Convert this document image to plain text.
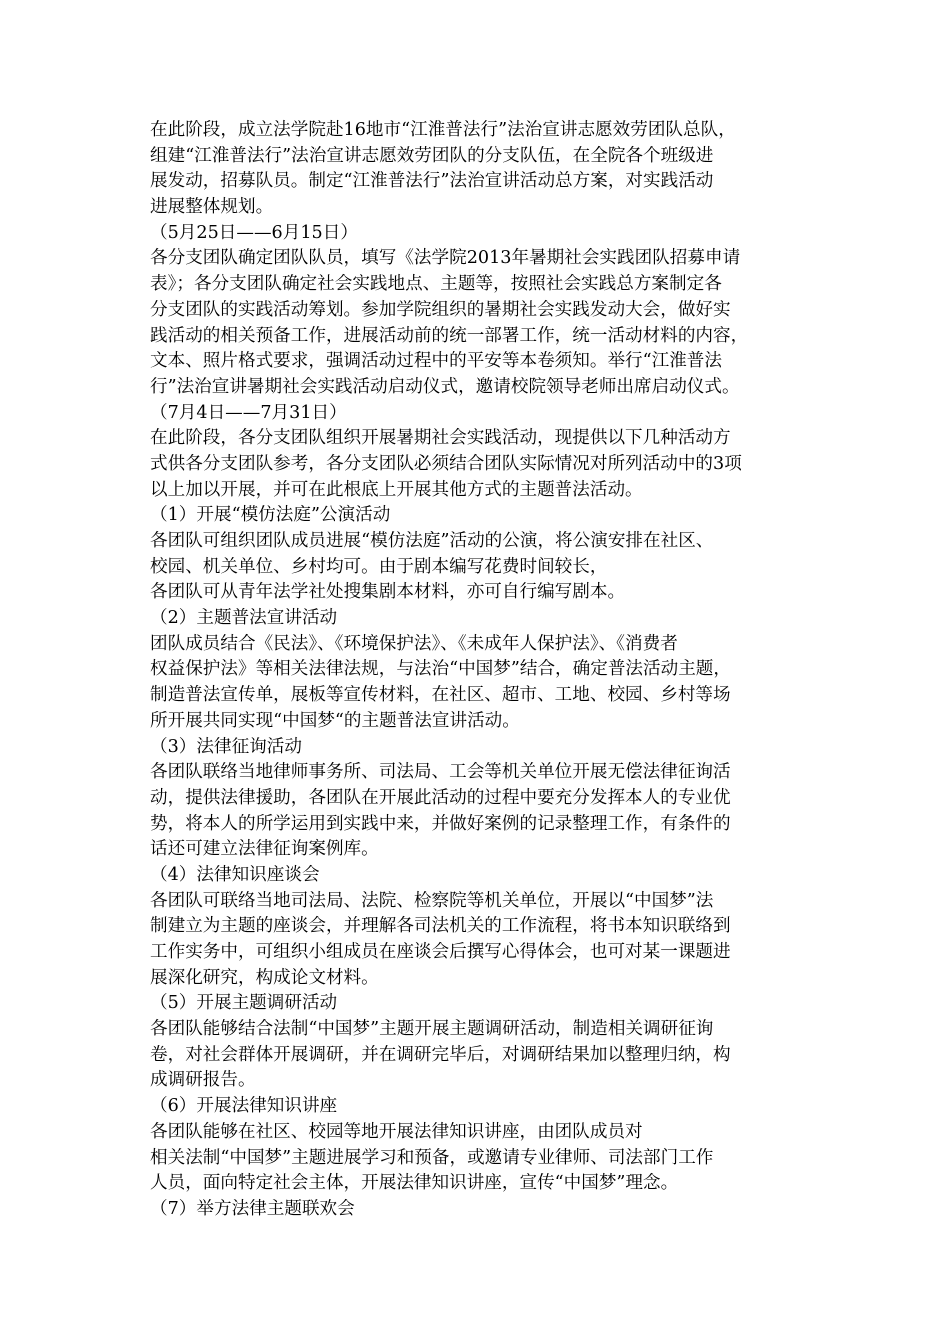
在此阶段，成立法学院赴16地市“江淮普法行”法治宣讲志愿效劳团队总队，
组建“江淮普法行”法治宣讲志愿效劳团队的分支队伍，在全院各个班级进
展发动，招募队员。制定“江淮普法行”法治宣讲活动总方案，对实践活动
进展整体规划。
（5月25日——6月15日）
各分支团队确定团队队员，填写《法学院2013年暑期社会实践团队招募申请
表》；各分支团队确定社会实践地点、主题等，按照社会实践总方案制定各
分支团队的实践活动筹划。参加学院组织的暑期社会实践发动大会，做好实
践活动的相关预备工作，进展活动前的统一部署工作，统一活动材料的内容，
文本、照片格式要求，强调活动过程中的平安等本卷须知。举行“江淮普法
行”法治宣讲暑期社会实践活动启动仪式，邀请校院领导老师出席启动仪式。
（7月4日——7月31日）
在此阶段，各分支团队组织开展暑期社会实践活动，现提供以下几种活动方
式供各分支团队参考，各分支团队必须结合团队实际情况对所列活动中的3项
以上加以开展，并可在此根底上开展其他方式的主题普法活动。
（1）开展“模仿法庭”公演活动
各团队可组织团队成员进展“模仿法庭”活动的公演，将公演安排在社区、
校园、机关单位、乡村均可。由于剧本编写花费时间较长，
各团队可从青年法学社处搜集剧本材料，亦可自行编写剧本。
（2）主题普法宣讲活动
团队成员结合《民法》、《环境保护法》、《未成年人保护法》、《消费者
权益保护法》等相关法律法规，与法治“中国梦”结合，确定普法活动主题，
制造普法宣传单，展板等宣传材料，在社区、超市、工地、校园、乡村等场
所开展共同实现“中国梦“的主题普法宣讲活动。
（3）法律征询活动
各团队联络当地律师事务所、司法局、工会等机关单位开展无偿法律征询活
动，提供法律援助，各团队在开展此活动的过程中要充分发挥本人的专业优
势，将本人的所学运用到实践中来，并做好案例的记录整理工作，有条件的
话还可建立法律征询案例库。
（4）法律知识座谈会
各团队可联络当地司法局、法院、检察院等机关单位，开展以“中国梦”法
制建立为主题的座谈会，并理解各司法机关的工作流程，将书本知识联络到
工作实务中，可组织小组成员在座谈会后撰写心得体会，也可对某一课题进
展深化研究，构成论文材料。
（5）开展主题调研活动
各团队能够结合法制“中国梦”主题开展主题调研活动，制造相关调研征询
卷，对社会群体开展调研，并在调研完毕后，对调研结果加以整理归纳，构
成调研报告。
（6）开展法律知识讲座
各团队能够在社区、校园等地开展法律知识讲座，由团队成员对
相关法制“中国梦”主题进展学习和预备，或邀请专业律师、司法部门工作
人员，面向特定社会主体，开展法律知识讲座，宣传“中国梦”理念。
（7）举方法律主题联欢会
